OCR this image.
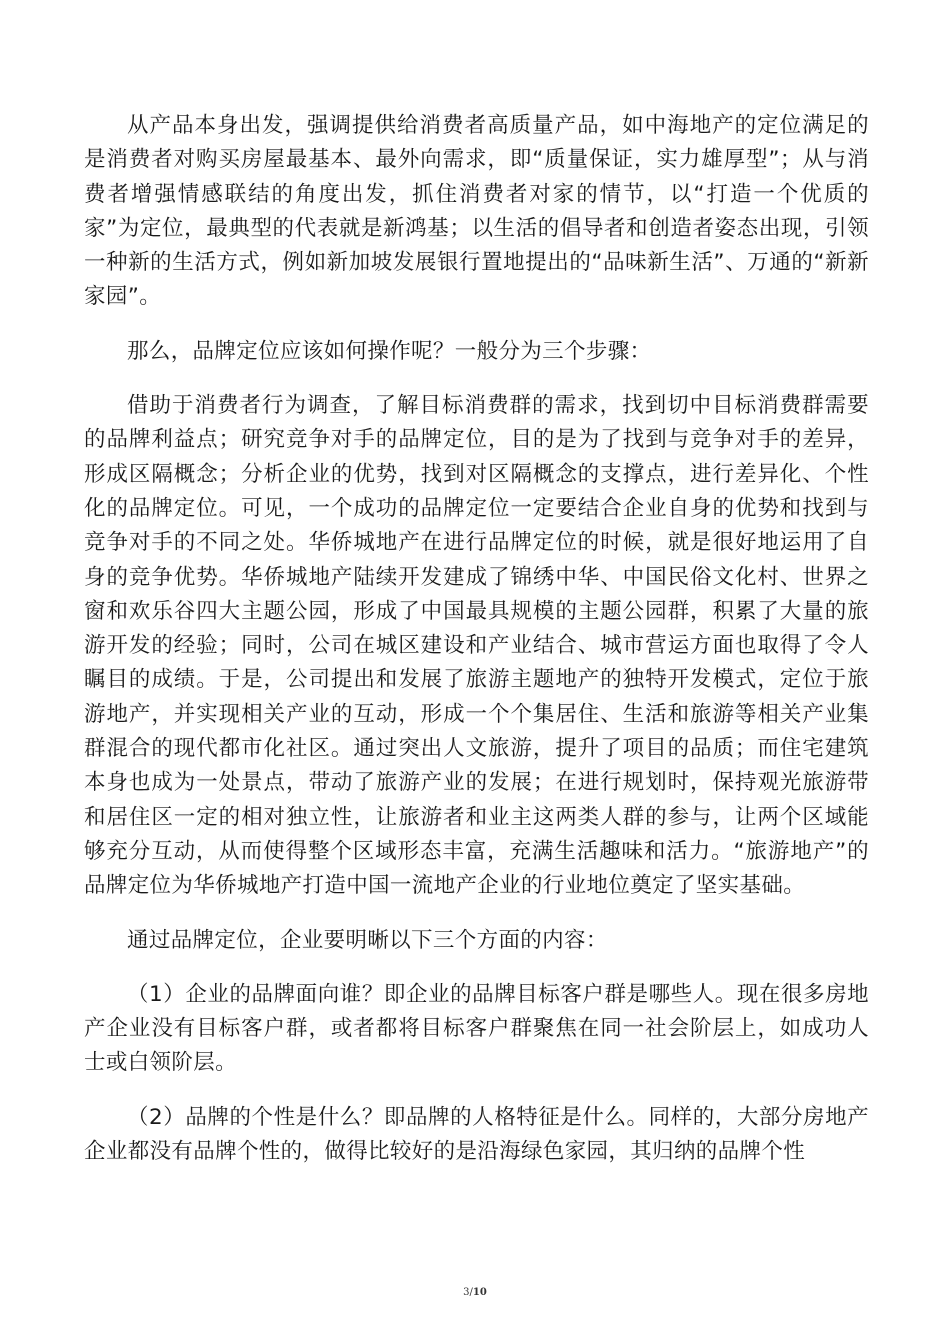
从产品本身出发，强调提供给消费者高质量产品，如中海地产的定位满足的是消费者对购买房屋最基本、最外向需求，即“质量保证，实力雄厚型”；从与消费者增强情感联结的角度出发，抓住消费者对家的情节，以“打造一个优质的家”为定位，最典型的代表就是新鸿基；以生活的倡导者和创造者姿态出现，引领一种新的生活方式，例如新加坡发展银行置地提出的“品味新生活”、万通的“新新家园”。

那么，品牌定位应该如何操作呢？一般分为三个步骤：

借助于消费者行为调查，了解目标消费群的需求，找到切中目标消费群需要的品牌利益点；研究竞争对手的品牌定位，目的是为了找到与竞争对手的差异，形成区隔概念；分析企业的优势，找到对区隔概念的支撑点，进行差异化、个性化的品牌定位。可见，一个成功的品牌定位一定要结合企业自身的优势和找到与竞争对手的不同之处。华侨城地产在进行品牌定位的时候，就是很好地运用了自身的竞争优势。华侨城地产陆续开发建成了锦绣中华、中国民俗文化村、世界之窗和欢乐谷四大主题公园，形成了中国最具规模的主题公园群，积累了大量的旅游开发的经验；同时，公司在城区建设和产业结合、城市营运方面也取得了令人瞩目的成绩。于是，公司提出和发展了旅游主题地产的独特开发模式，定位于旅游地产，并实现相关产业的互动，形成一个个集居住、生活和旅游等相关产业集群混合的现代都市化社区。通过突出人文旅游，提升了项目的品质；而住宅建筑本身也成为一处景点，带动了旅游产业的发展；在进行规划时，保持观光旅游带和居住区一定的相对独立性，让旅游者和业主这两类人群的参与，让两个区域能够充分互动，从而使得整个区域形态丰富，充满生活趣味和活力。“旅游地产”的品牌定位为华侨城地产打造中国一流地产企业的行业地位奠定了坚实基础。

通过品牌定位，企业要明晰以下三个方面的内容：

（1）企业的品牌面向谁？即企业的品牌目标客户群是哪些人。现在很多房地产企业没有目标客户群，或者都将目标客户群聚焦在同一社会阶层上，如成功人士或白领阶层。

（2）品牌的个性是什么？即品牌的人格特征是什么。同样的，大部分房地产企业都没有品牌个性的，做得比较好的是沿海绿色家园，其归纳的品牌个性

3/10
